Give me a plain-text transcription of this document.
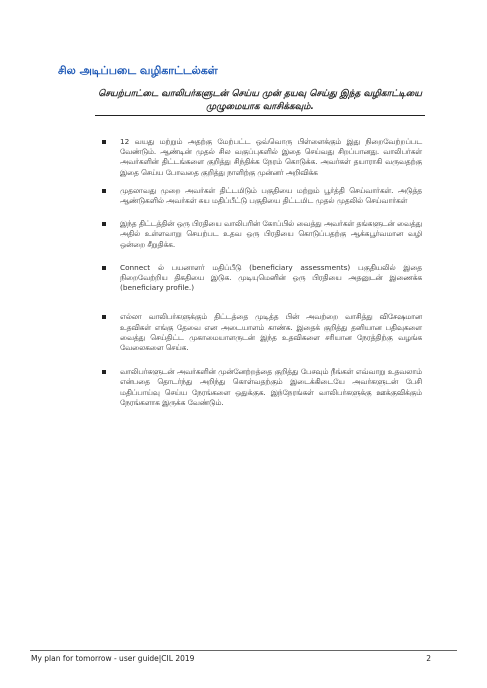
சில அடிப்படை வழிகாட்டல்கள்
செயற்பாட்டை வாலிபர்களுடன் செய்ய முன் தயவு செய்து இந்த வழிகாட்டியை முழுமையாக வாசிக்கவும்.
12 வயது மற்றும் அதற்கு மேற்பட்ட ஒவ்வொரு பிள்ளைக்கும் இது நிறைவேற்றப்பட வேண்டும். ஆண்டின் முதல் சில வகுப்புகளில் இதை செய்வது சிறப்பானது. வாலிபர்கள் அவர்களின் திட்டங்களை குறித்து சிந்திக்க நேரம் கொடுக்க. அவர்கள் தயாராகி வருவதற்கு இதை செய்ய போவதை குறித்து நாளிற்கு முன்னர் அறிவிக்க
முதலாவது முறை அவர்கள் திட்டமிடும் பகுதியை மற்றும் பூர்த்தி செய்வார்கள். அடுத்த ஆண்டுகளில் அவர்கள் சுய மதிப்பீட்டு பகுதியை திட்டமிட முதல் முதலில் செய்வார்கள்
இந்த திட்டத்தின் ஒரு பிரதியை வாலிபரின் கோப்பில் வைத்து அவர்கள் தங்களுடன் வைத்து அதில் உள்ளவாறு செயற்பட உதவ ஒரு பிரதியை கொடுப்பதற்கு ஆக்கபூர்வமான வழி ஒன்றை சீறுதிக்க.
Connect ல் பயனாளர் மதிப்பீடு (beneficiary assessments) பகுதியலில் இதை நிறைவேற்றிய திகதியை இடுக. முடியுமெனின் ஒரு பிரதியை அதனுடன் இணைக்க (beneficiary profile.)
எல்லா வாலிபர்களுக்கும் திட்டத்தை முடித்த பின் அவற்றை வாசித்து விசேஷமான உதவிகள் எங்கு தேவை என அடையாளம் காண்க. இதைக் குறித்து தனியான பதிவுகளை வைத்து செய்திட்ட முகாமையாளருடன் இந்த உதவிகளை சரியான நேரத்திற்கு வழங்க வேலைகளை செய்க.
வாலிபர்களுடன் அவர்களின் முன்னேற்றத்தை குறித்து பேசவும் நீங்கள் எவ்வாறு உதவலாம் என்பதை தொடர்ந்து அறிந்து கொள்வதற்கும் இடைக்கிடையே அவர்களுடன் பேசி மதிப்பாய்வு செய்ய நேரங்களை ஒதுக்குக. இந்நேரங்கள் வாலிபர்களுக்கு ஊக்குவிக்கும் நேரங்களாக இருக்க வேண்டும்.
My plan for tomorrow - user guide|CIL 2019	2
